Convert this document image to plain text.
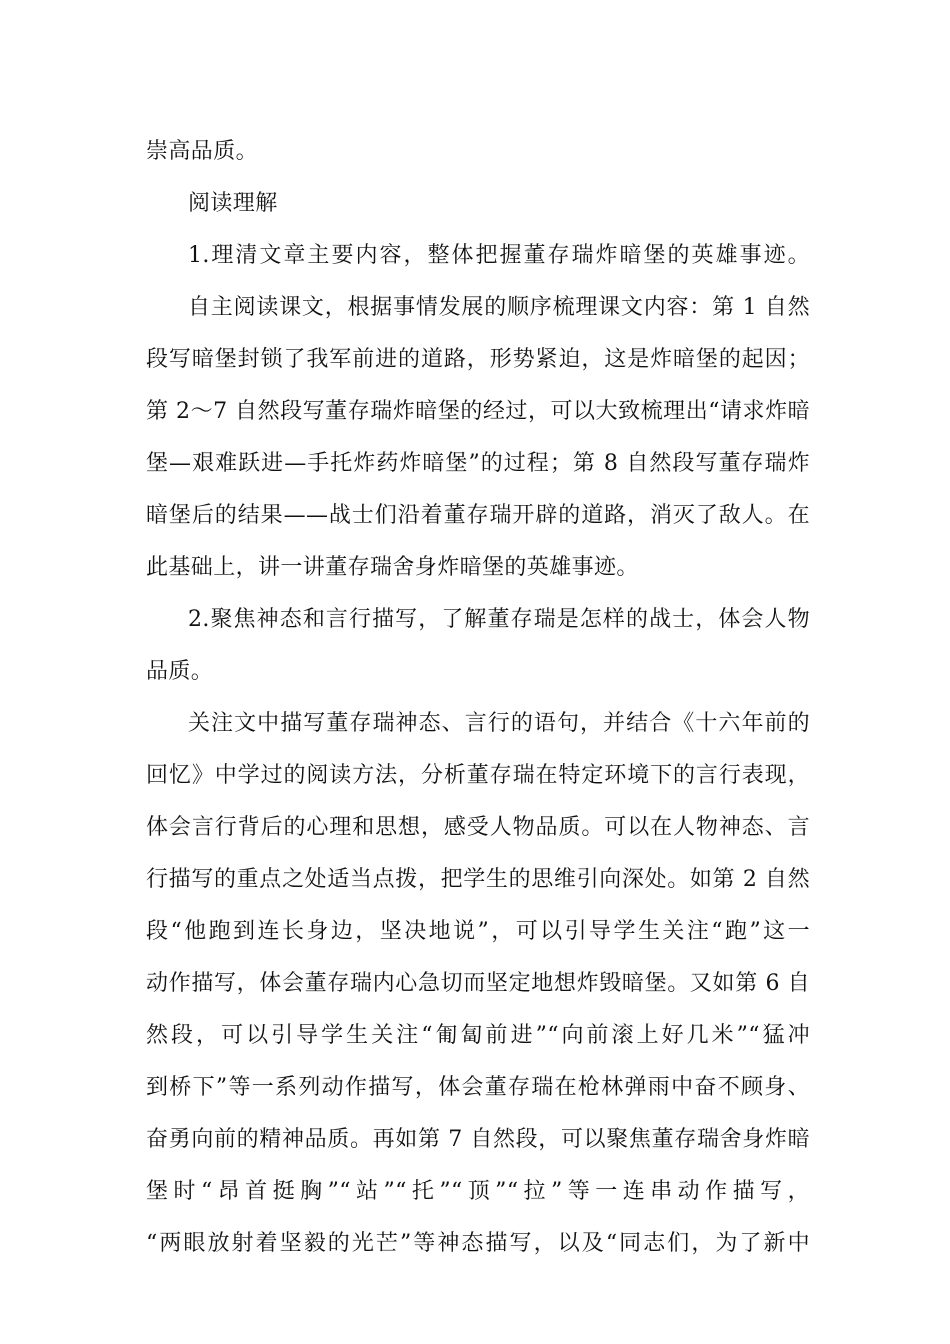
崇高品质。
阅读理解
1.理清文章主要内容，整体把握董存瑞炸暗堡的英雄事迹。
自主阅读课文，根据事情发展的顺序梳理课文内容：第 1 自然
段写暗堡封锁了我军前进的道路，形势紧迫，这是炸暗堡的起因；
第 2～7 自然段写董存瑞炸暗堡的经过，可以大致梳理出“请求炸暗
堡—艰难跃进—手托炸药炸暗堡”的过程；第 8 自然段写董存瑞炸
暗堡后的结果——战士们沿着董存瑞开辟的道路，消灭了敌人。在
此基础上，讲一讲董存瑞舍身炸暗堡的英雄事迹。
2.聚焦神态和言行描写，了解董存瑞是怎样的战士，体会人物
品质。
关注文中描写董存瑞神态、言行的语句，并结合《十六年前的
回忆》中学过的阅读方法，分析董存瑞在特定环境下的言行表现，
体会言行背后的心理和思想，感受人物品质。可以在人物神态、言
行描写的重点之处适当点拨，把学生的思维引向深处。如第 2 自然
段“他跑到连长身边，坚决地说”，可以引导学生关注“跑”这一
动作描写，体会董存瑞内心急切而坚定地想炸毁暗堡。又如第 6 自
然段，可以引导学生关注“匍匐前进”“向前滚上好几米”“猛冲
到桥下”等一系列动作描写，体会董存瑞在枪林弹雨中奋不顾身、
奋勇向前的精神品质。再如第 7 自然段，可以聚焦董存瑞舍身炸暗
堡时“昂首挺胸”“站”“托”“顶”“拉”等一连串动作描写，
“两眼放射着坚毅的光芒”等神态描写，以及“同志们，为了新中
